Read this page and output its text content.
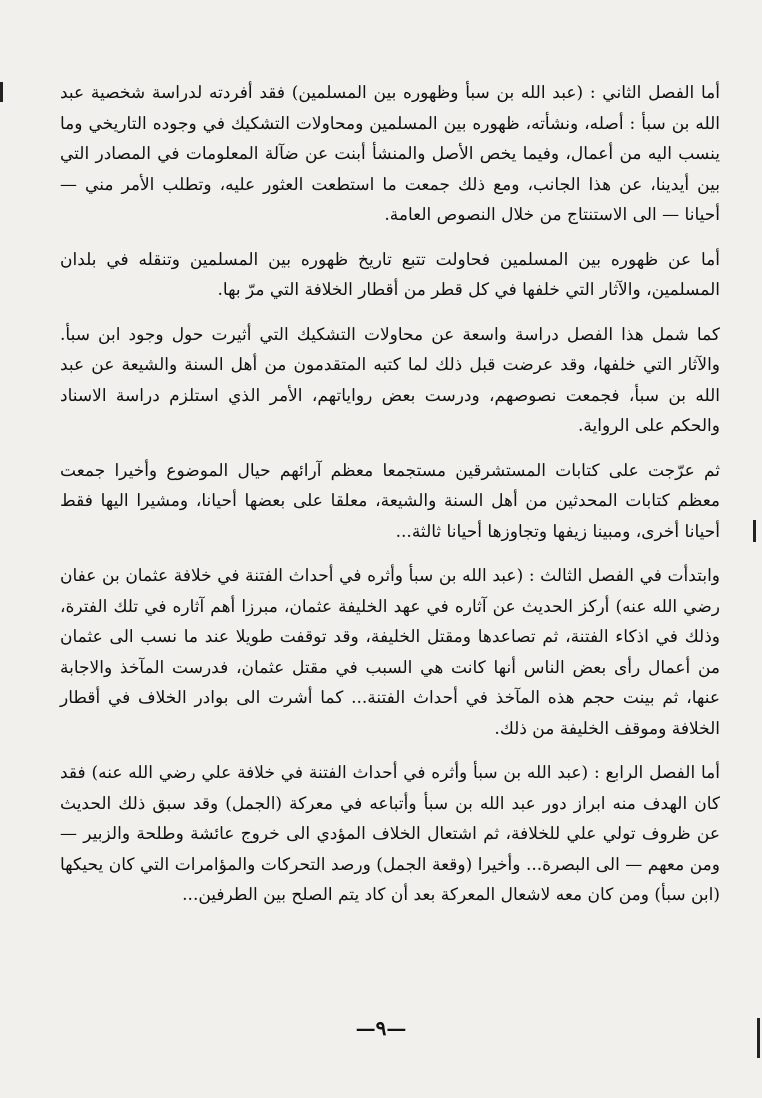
أما الفصل الثاني : (عبد الله بن سبأ وظهوره بين المسلمين) فقد أفردته لدراسة شخصية عبد الله بن سبأ : أصله، ونشأته، ظهوره بين المسلمين ومحاولات التشكيك في وجوده التاريخي وما ينسب اليه من أعمال، وفيما يخص الأصل والمنشأ أبنت عن ضآلة المعلومات في المصادر التي بين أيدينا، عن هذا الجانب، ومع ذلك جمعت ما استطعت العثور عليه، وتطلب الأمر مني — أحيانا — الى الاستنتاج من خلال النصوص العامة.

أما عن ظهوره بين المسلمين فحاولت تتبع تاريخ ظهوره بين المسلمين وتنقله في بلدان المسلمين، والآثار التي خلفها في كل قطر من أقطار الخلافة التي مرّ بها.

كما شمل هذا الفصل دراسة واسعة عن محاولات التشكيك التي أثيرت حول وجود ابن سبأ. والآثار التي خلفها، وقد عرضت قبل ذلك لما كتبه المتقدمون من أهل السنة والشيعة عن عبد الله بن سبأ، فجمعت نصوصهم، ودرست بعض رواياتهم، الأمر الذي استلزم دراسة الاسناد والحكم على الرواية.

ثم عرّجت على كتابات المستشرقين مستجمعا معظم آرائهم حيال الموضوع وأخيرا جمعت معظم كتابات المحدثين من أهل السنة والشيعة، معلقا على بعضها أحيانا، ومشيرا اليها فقط أحيانا أخرى، ومبينا زيفها وتجاوزها أحيانا ثالثة...

وابتدأت في الفصل الثالث : (عبد الله بن سبأ وأثره في أحداث الفتنة في خلافة عثمان بن عفان رضي الله عنه) أركز الحديث عن آثاره في عهد الخليفة عثمان، مبرزا أهم آثاره في تلك الفترة، وذلك في اذكاء الفتنة، ثم تصاعدها ومقتل الخليفة، وقد توقفت طويلا عند ما نسب الى عثمان من أعمال رأى بعض الناس أنها كانت هي السبب في مقتل عثمان، فدرست المآخذ والاجابة عنها، ثم بينت حجم هذه المآخذ في أحداث الفتنة... كما أشرت الى بوادر الخلاف في أقطار الخلافة وموقف الخليفة من ذلك.

أما الفصل الرابع : (عبد الله بن سبأ وأثره في أحداث الفتنة في خلافة علي رضي الله عنه) فقد كان الهدف منه ابراز دور عبد الله بن سبأ وأتباعه في معركة (الجمل) وقد سبق ذلك الحديث عن ظروف تولي علي للخلافة، ثم اشتعال الخلاف المؤدي الى خروج عائشة وطلحة والزبير — ومن معهم — الى البصرة... وأخيرا (وقعة الجمل) ورصد التحركات والمؤامرات التي كان يحيكها (ابن سبأ) ومن كان معه لاشعال المعركة بعد أن كاد يتم الصلح بين الطرفين...

—٩—
